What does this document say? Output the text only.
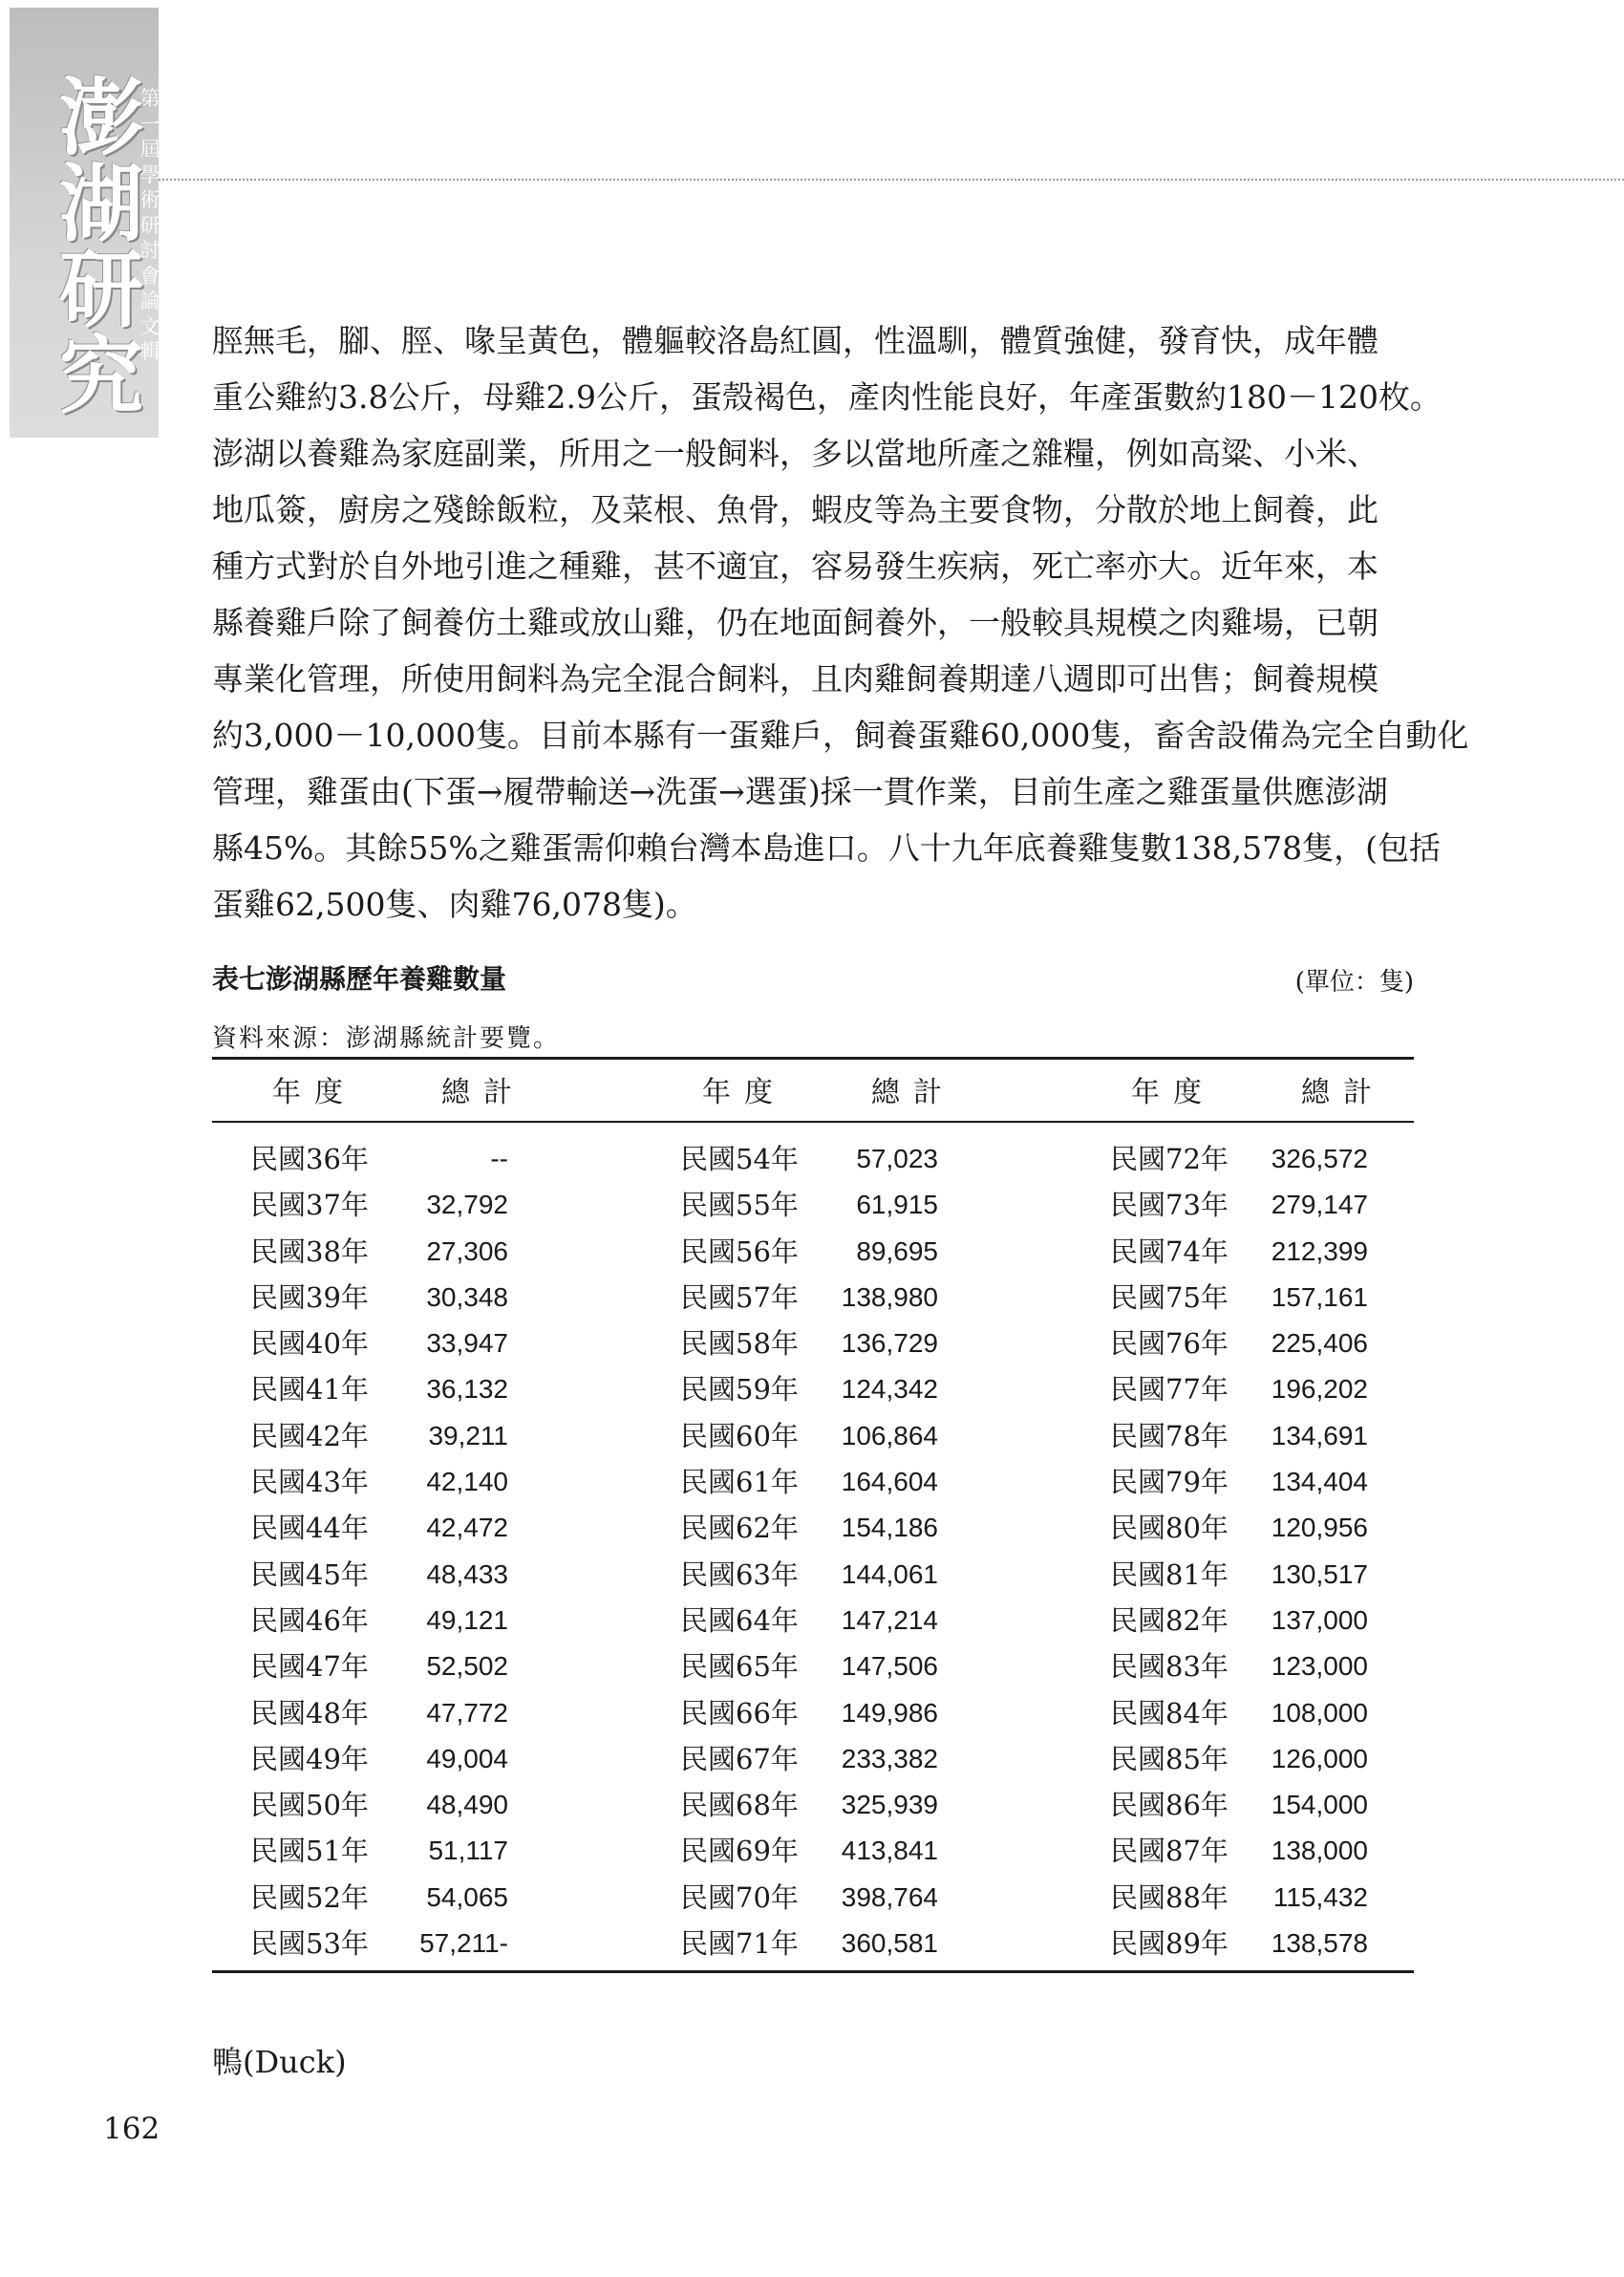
澎
湖
研
究
第
一
屆
學
術
研
討
會
論
文
輯 脛無毛，腳、脛、喙呈黃色，體軀較洛島紅圓，性溫馴，體質強健，發育快，成年體
重公雞約3.8公斤，母雞2.9公斤，蛋殼褐色，產肉性能良好，年產蛋數約180－120枚。
澎湖以養雞為家庭副業，所用之一般飼料，多以當地所產之雜糧，例如高粱、小米、
地瓜簽，廚房之殘餘飯粒，及菜根、魚骨，蝦皮等為主要食物，分散於地上飼養，此
種方式對於自外地引進之種雞，甚不適宜，容易發生疾病，死亡率亦大。近年來，本
縣養雞戶除了飼養仿土雞或放山雞，仍在地面飼養外，一般較具規模之肉雞場，已朝
專業化管理，所使用飼料為完全混合飼料，且肉雞飼養期達八週即可出售；飼養規模
約3,000－10,000隻。目前本縣有一蛋雞戶，飼養蛋雞60,000隻，畜舍設備為完全自動化
管理，雞蛋由(下蛋→履帶輸送→洗蛋→選蛋)採一貫作業，目前生產之雞蛋量供應澎湖
縣45%。其餘55%之雞蛋需仰賴台灣本島進口。八十九年底養雞隻數138,578隻，(包括
蛋雞62,500隻、肉雞76,078隻)。
表七澎湖縣歷年養雞數量	(單位：隻)
資料來源：澎湖縣統計要覽。
年度	總計	年度	總計	年度	總計
民國36年	--	民國54年	57,023	民國72年	326,572
民國37年	32,792	民國55年	61,915	民國73年	279,147
民國38年	27,306	民國56年	89,695	民國74年	212,399
民國39年	30,348	民國57年	138,980	民國75年	157,161
民國40年	33,947	民國58年	136,729	民國76年	225,406
民國41年	36,132	民國59年	124,342	民國77年	196,202
民國42年	39,211	民國60年	106,864	民國78年	134,691
民國43年	42,140	民國61年	164,604	民國79年	134,404
民國44年	42,472	民國62年	154,186	民國80年	120,956
民國45年	48,433	民國63年	144,061	民國81年	130,517
民國46年	49,121	民國64年	147,214	民國82年	137,000
民國47年	52,502	民國65年	147,506	民國83年	123,000
民國48年	47,772	民國66年	149,986	民國84年	108,000
民國49年	49,004	民國67年	233,382	民國85年	126,000
民國50年	48,490	民國68年	325,939	民國86年	154,000
民國51年	51,117	民國69年	413,841	民國87年	138,000
民國52年	54,065	民國70年	398,764	民國88年	115,432
民國53年	57,211-	民國71年	360,581	民國89年	138,578
鴨(Duck)
162
